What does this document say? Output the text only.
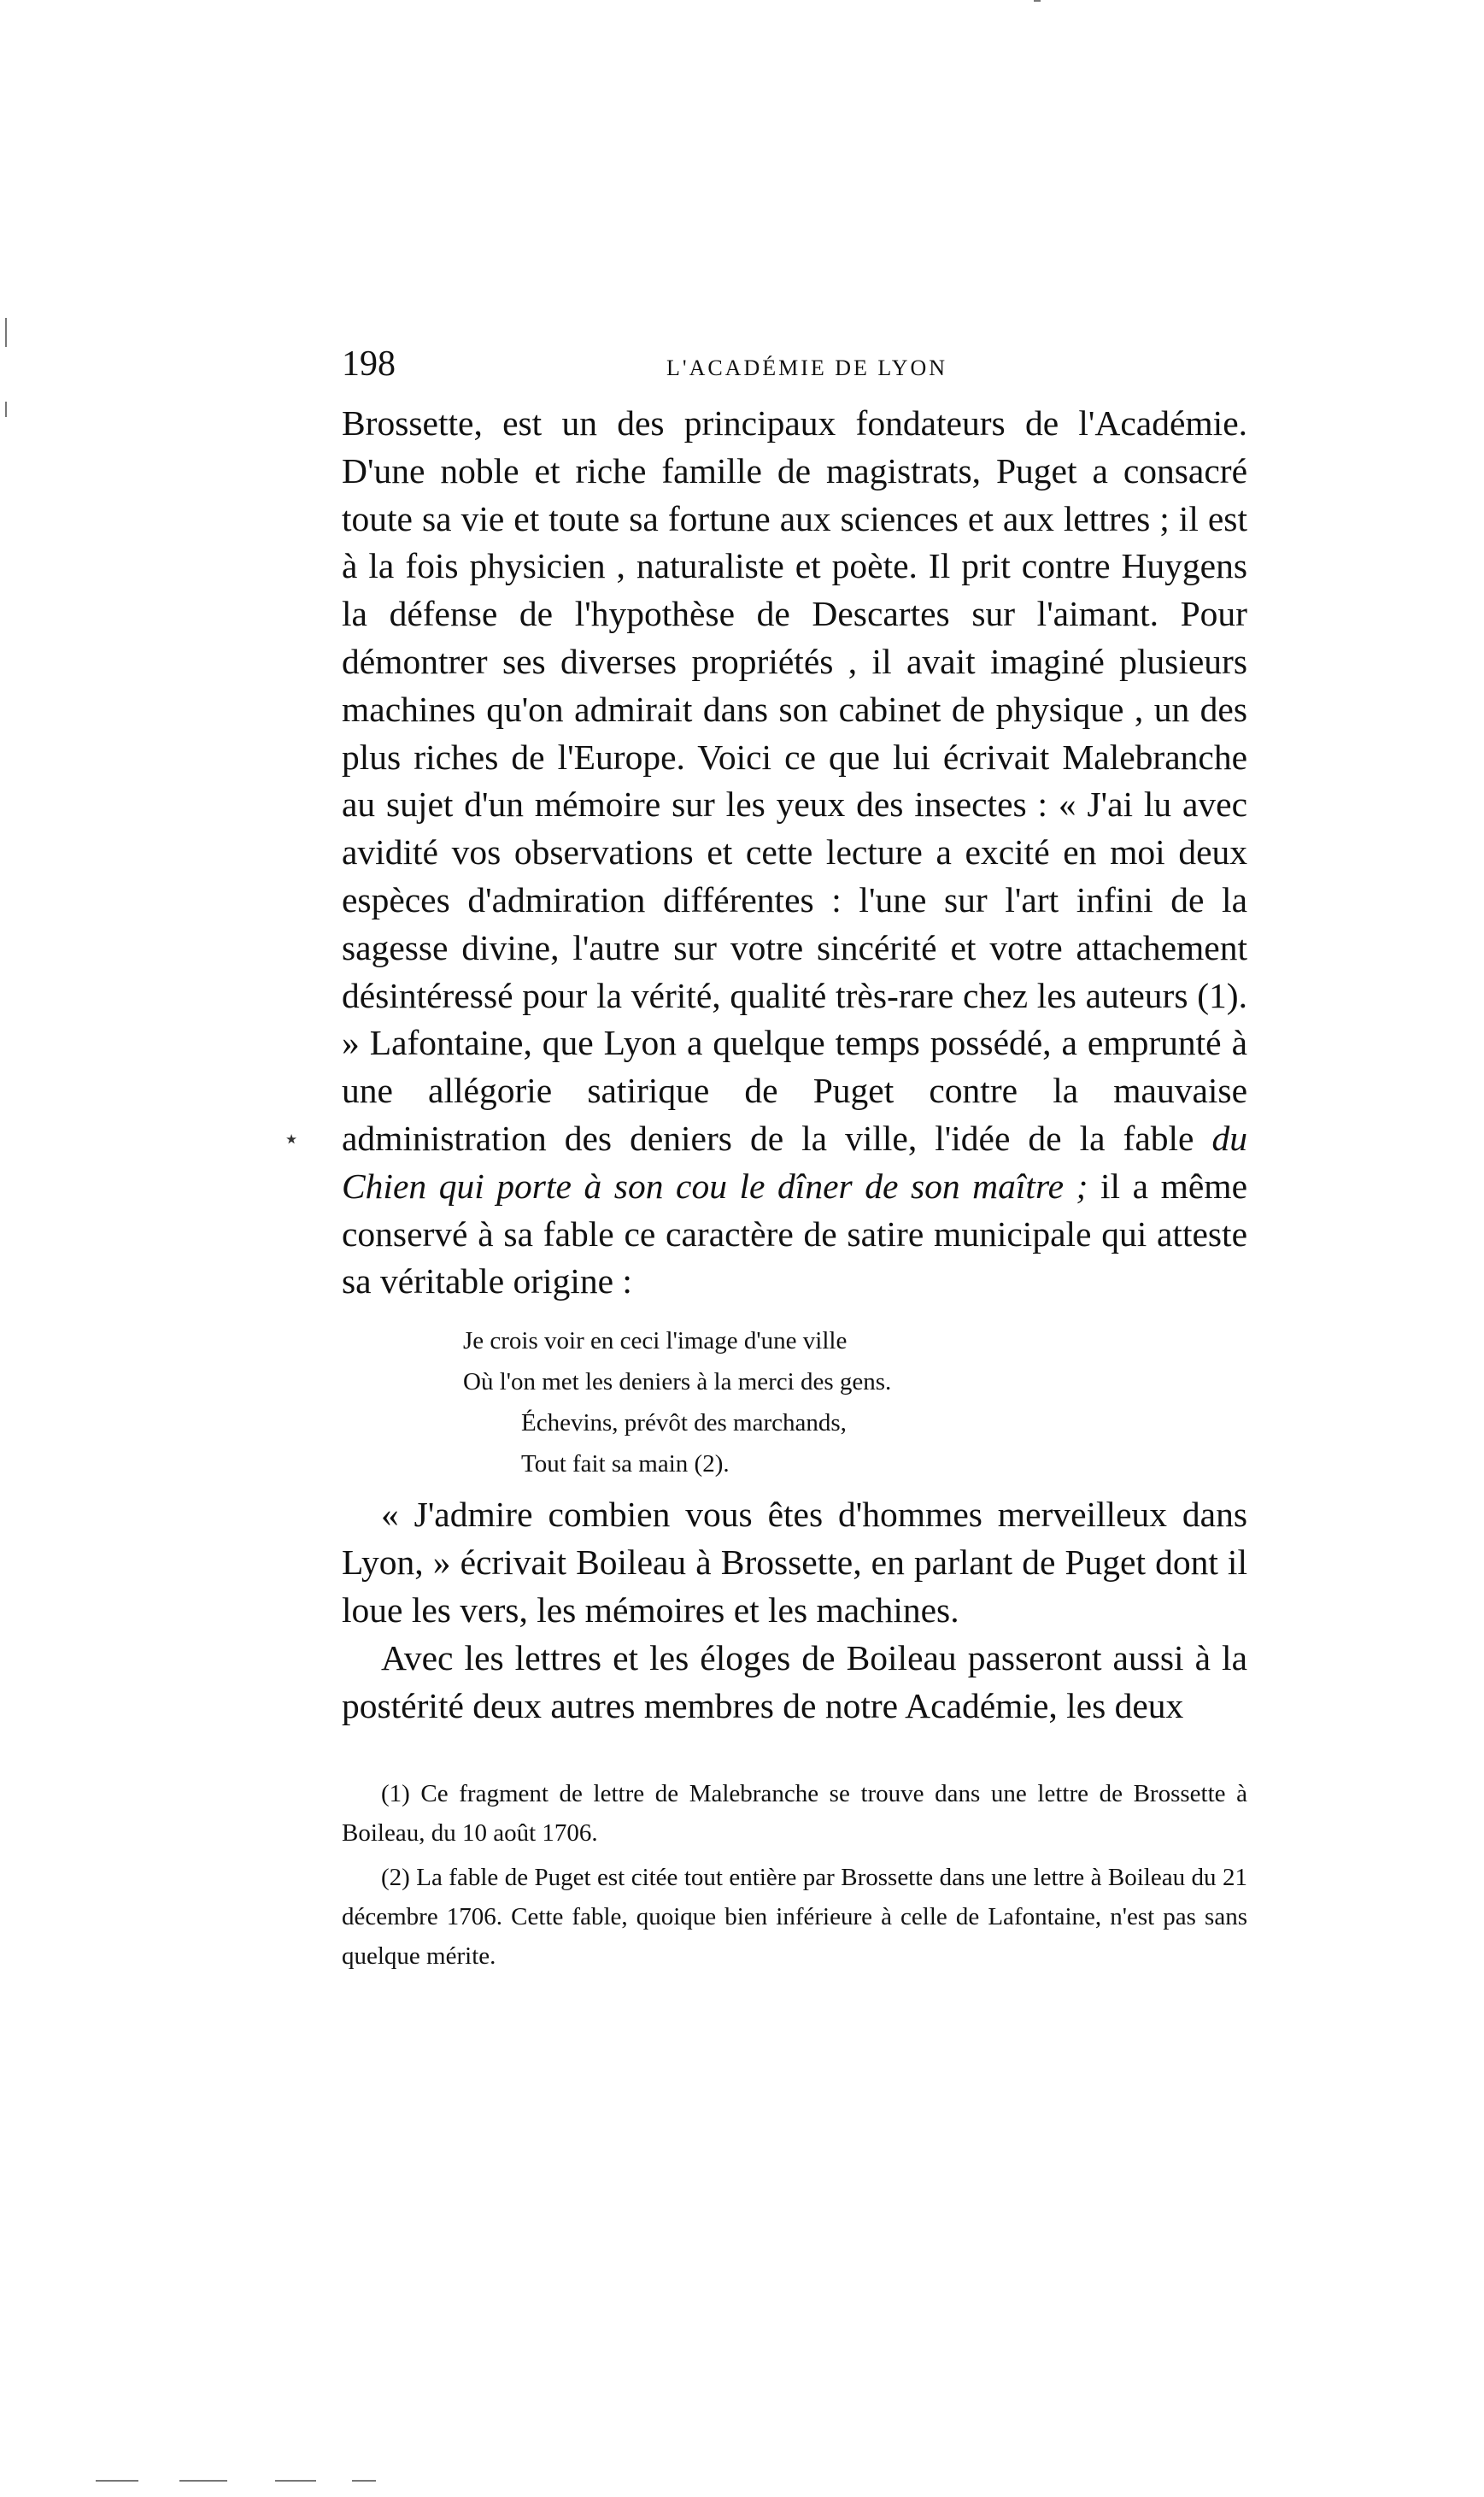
198	L'ACADÉMIE DE LYON
٭

Brossette, est un des principaux fondateurs de l'Académie. D'une noble et riche famille de magistrats, Puget a consacré toute sa vie et toute sa fortune aux sciences et aux lettres ; il est à la fois physicien , naturaliste et poète. Il prit contre Huygens la défense de l'hypothèse de Descartes sur l'aimant. Pour démontrer ses diverses propriétés , il avait imaginé plusieurs machines qu'on admirait dans son cabinet de physique , un des plus riches de l'Europe. Voici ce que lui écrivait Malebranche au sujet d'un mémoire sur les yeux des insectes : « J'ai lu avec avidité vos observations et cette lecture a excité en moi deux espèces d'admiration différentes : l'une sur l'art infini de la sagesse divine, l'autre sur votre sincérité et votre attachement désintéressé pour la vérité, qualité très-rare chez les auteurs (1). » Lafontaine, que Lyon a quelque temps possédé, a emprunté à une allégorie satirique de Puget contre la mauvaise administration des deniers de la ville, l'idée de la fable du Chien qui porte à son cou le dîner de son maître ; il a même conservé à sa fable ce caractère de satire municipale qui atteste sa véritable origine :

Je crois voir en ceci l'image d'une ville
Où l'on met les deniers à la merci des gens.
Échevins, prévôt des marchands,
Tout fait sa main (2).

« J'admire combien vous êtes d'hommes merveilleux dans Lyon, » écrivait Boileau à Brossette, en parlant de Puget dont il loue les vers, les mémoires et les machines.

Avec les lettres et les éloges de Boileau passeront aussi à la postérité deux autres membres de notre Académie, les deux

(1) Ce fragment de lettre de Malebranche se trouve dans une lettre de Brossette à Boileau, du 10 août 1706.

(2) La fable de Puget est citée tout entière par Brossette dans une lettre à Boileau du 21 décembre 1706. Cette fable, quoique bien inférieure à celle de Lafontaine, n'est pas sans quelque mérite.
